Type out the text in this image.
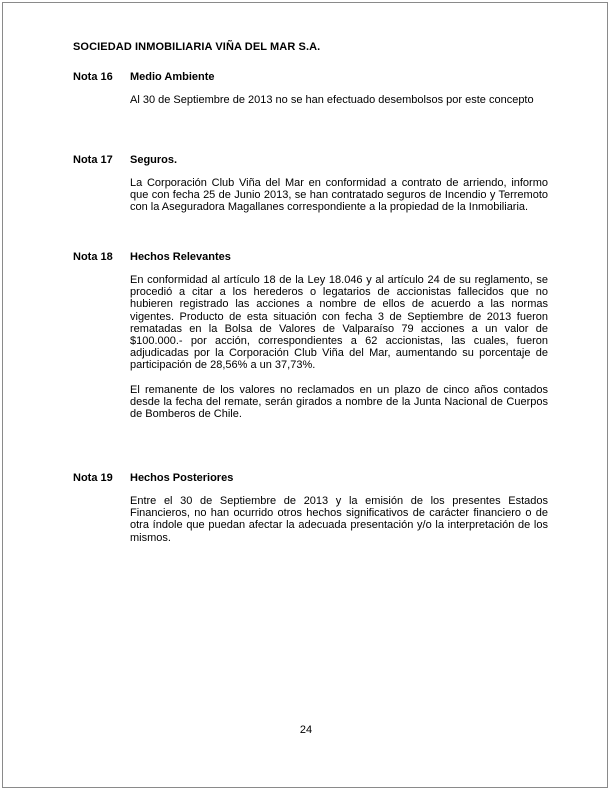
SOCIEDAD INMOBILIARIA VIÑA DEL MAR S.A.
Nota 16 Medio Ambiente

Al 30 de Septiembre de 2013 no se han efectuado desembolsos por este concepto

Nota 17 Seguros.

La Corporación Club Viña del Mar en conformidad a contrato de arriendo, informo que con fecha 25 de Junio 2013, se han contratado seguros de Incendio y Terremoto con la Aseguradora Magallanes correspondiente a la propiedad de la Inmobiliaria.

Nota 18 Hechos Relevantes

En conformidad al artículo 18 de la Ley 18.046 y al artículo 24 de su reglamento, se procedió a citar a los herederos o legatarios de accionistas fallecidos que no hubieren registrado las acciones a nombre de ellos de acuerdo a las normas vigentes. Producto de esta situación con fecha 3 de Septiembre de 2013 fueron rematadas en la Bolsa de Valores de Valparaíso 79 acciones a un valor de $100.000.- por acción, correspondientes a 62 accionistas, las cuales, fueron adjudicadas por la Corporación Club Viña del Mar, aumentando su porcentaje de participación de 28,56% a un 37,73%.

El remanente de los valores no reclamados en un plazo de cinco años contados desde la fecha del remate, serán girados a nombre de la Junta Nacional de Cuerpos de Bomberos de Chile.

Nota 19 Hechos Posteriores

Entre el 30 de Septiembre de 2013 y la emisión de los presentes Estados Financieros, no han ocurrido otros hechos significativos de carácter financiero o de otra índole que puedan afectar la adecuada presentación y/o la interpretación de los mismos.

24
